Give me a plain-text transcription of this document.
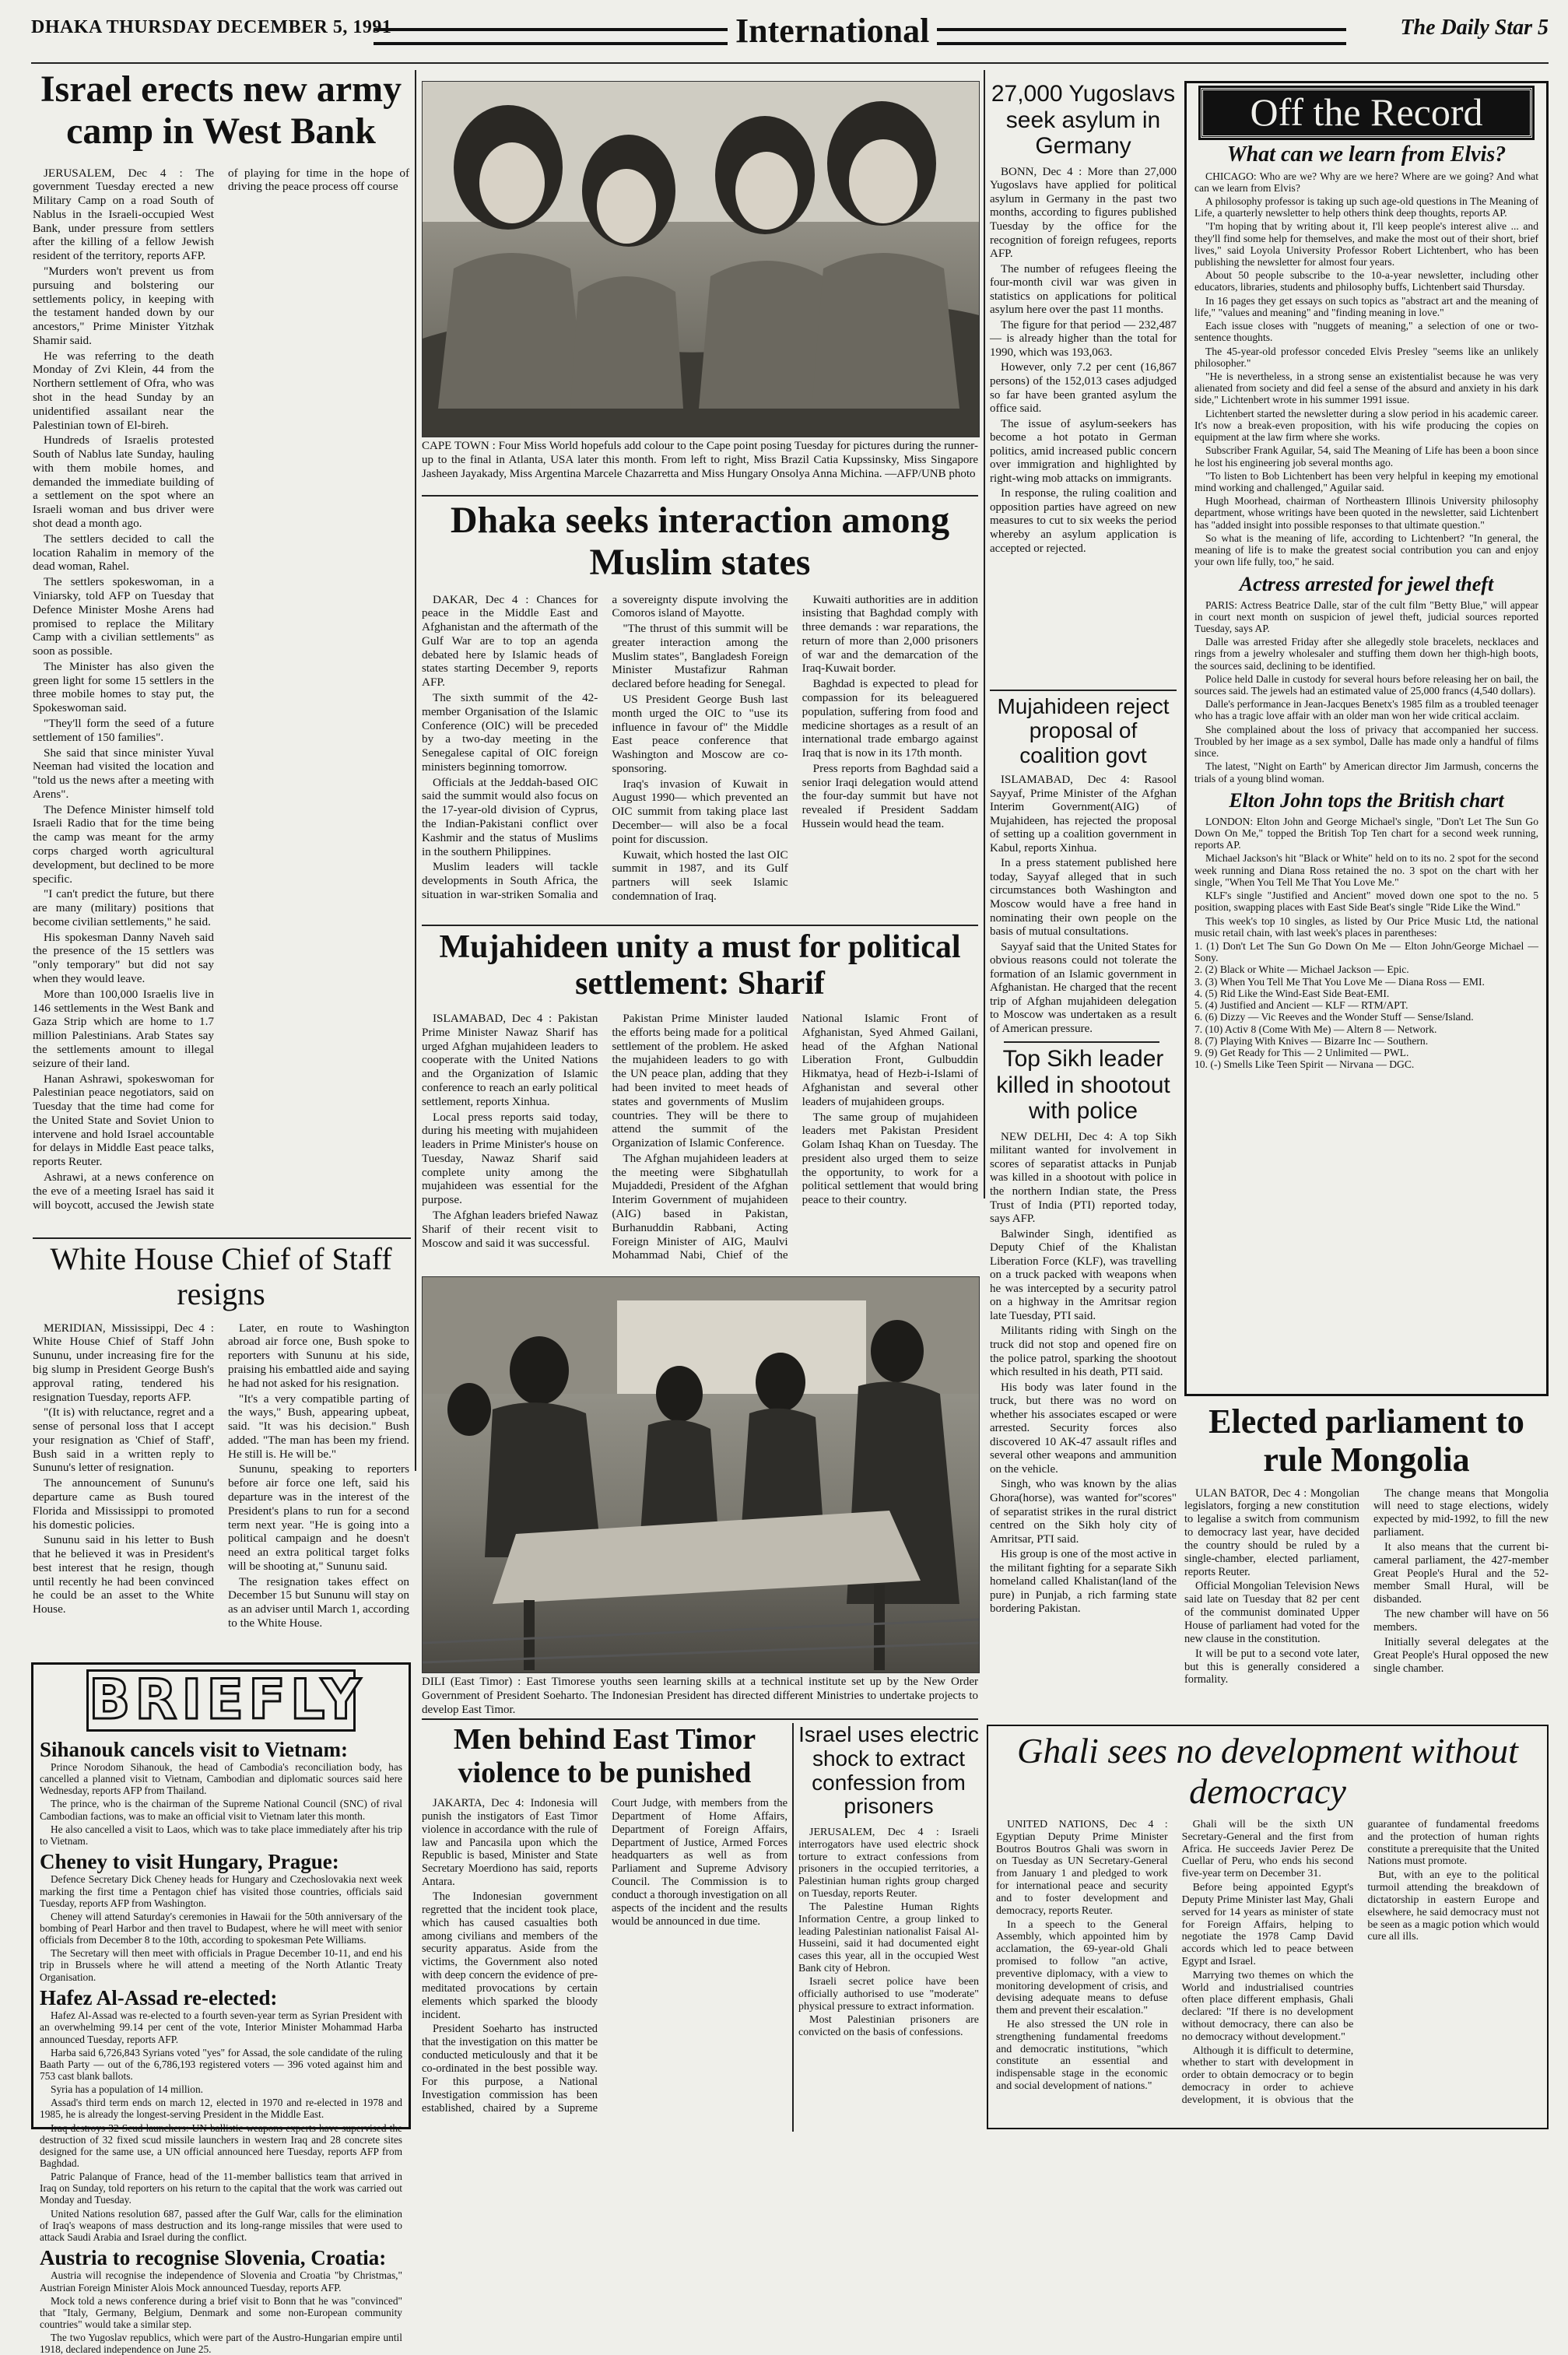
DHAKA THURSDAY DECEMBER 5, 1991	International	The Daily Star 5
Israel erects new army camp in West Bank

JERUSALEM, Dec 4 : The government Tuesday erected a new Military Camp on a road South of Nablus in the Israeli-occupied West Bank, under pressure from settlers after the killing of a fellow Jewish resident of the territory, reports AFP.

"Murders won't prevent us from pursuing and bolstering our settlements policy, in keeping with the testament handed down by our ancestors," Prime Minister Yitzhak Shamir said.

He was referring to the death Monday of Zvi Klein, 44 from the Northern settlement of Ofra, who was shot in the head Sunday by an unidentified assailant near the Palestinian town of El-bireh.

Hundreds of Israelis protested South of Nablus late Sunday, hauling with them mobile homes, and demanded the immediate building of a settlement on the spot where an Israeli woman and bus driver were shot dead a month ago.

The settlers decided to call the location Rahalim in memory of the dead woman, Rahel.

The settlers spokeswoman, in a Viniarsky, told AFP on Tuesday that Defence Minister Moshe Arens had promised to replace the Military Camp with a civilian settlements" as soon as possible.

The Minister has also given the green light for some 15 settlers in the three mobile homes to stay put, the Spokeswoman said.

"They'll form the seed of a future settlement of 150 families".

She said that since minister Yuval Neeman had visited the location and "told us the news after a meeting with Arens".

The Defence Minister himself told Israeli Radio that for the time being the camp was meant for the army corps charged worth agricultural development, but declined to be more specific.

"I can't predict the future, but there are many (military) positions that become civilian settlements," he said.

His spokesman Danny Naveh said the presence of the 15 settlers was "only temporary" but did not say when they would leave.

More than 100,000 Israelis live in 146 settlements in the West Bank and Gaza Strip which are home to 1.7 million Palestinians. Arab States say the settlements amount to illegal seizure of their land.

Hanan Ashrawi, spokeswoman for Palestinian peace negotiators, said on Tuesday that the time had come for the United State and Soviet Union to intervene and hold Israel accountable for delays in Middle East peace talks, reports Reuter.

Ashrawi, at a news conference on the eve of a meeting Israel has said it will boycott, accused the Jewish state of playing for time in the hope of driving the peace process off course

White House Chief of Staff resigns

MERIDIAN, Mississippi, Dec 4 : White House Chief of Staff John Sununu, under increasing fire for the big slump in President George Bush's approval rating, tendered his resignation Tuesday, reports AFP.

"(It is) with reluctance, regret and a sense of personal loss that I accept your resignation as 'Chief of Staff', Bush said in a written reply to Sununu's letter of resignation.

The announcement of Sununu's departure came as Bush toured Florida and Mississippi to promoted his domestic policies.

Sununu said in his letter to Bush that he believed it was in President's best interest that he resign, though until recently he had been convinced he could be an asset to the White House.

Later, en route to Washington abroad air force one, Bush spoke to reporters with Sununu at his side, praising his embattled aide and saying he had not asked for his resignation.

"It's a very compatible parting of the ways," Bush, appearing upbeat, said. "It was his decision." Bush added. "The man has been my friend. He still is. He will be."

Sununu, speaking to reporters before air force one left, said his departure was in the interest of the President's plans to run for a second term next year. "He is going into a political campaign and he doesn't need an extra political target folks will be shooting at," Sununu said.

The resignation takes effect on December 15 but Sununu will stay on as an adviser until March 1, according to the White House.

BRIEFLY
Sihanouk cancels visit to Vietnam:

Prince Norodom Sihanouk, the head of Cambodia's reconciliation body, has cancelled a planned visit to Vietnam, Cambodian and diplomatic sources said here Wednesday, reports AFP from Thailand.

The prince, who is the chairman of the Supreme National Council (SNC) of rival Cambodian factions, was to make an official visit to Vietnam later this month.

He also cancelled a visit to Laos, which was to take place immediately after his trip to Vietnam.

Cheney to visit Hungary, Prague:

Defence Secretary Dick Cheney heads for Hungary and Czechoslovakia next week marking the first time a Pentagon chief has visited those countries, officials said Tuesday, reports AFP from Washington.

Cheney will attend Saturday's ceremonies in Hawaii for the 50th anniversary of the bombing of Pearl Harbor and then travel to Budapest, where he will meet with senior officials from December 8 to the 10th, according to spokesman Pete Williams.

The Secretary will then meet with officials in Prague December 10-11, and end his trip in Brussels where he will attend a meeting of the North Atlantic Treaty Organisation.

Hafez Al-Assad re-elected:

Hafez Al-Assad was re-elected to a fourth seven-year term as Syrian President with an overwhelming 99.14 per cent of the vote, Interior Minister Mohammad Harba announced Tuesday, reports AFP.

Harba said 6,726,843 Syrians voted "yes" for Assad, the sole candidate of the ruling Baath Party — out of the 6,786,193 registered voters — 396 voted against him and 753 cast blank ballots.

Syria has a population of 14 million.

Assad's third term ends on march 12, elected in 1970 and re-elected in 1978 and 1985, he is already the longest-serving President in the Middle East.

Iraq destroys 32 Scud launchers: UN ballistic weapons experts have supervised the destruction of 32 fixed scud missile launchers in western Iraq and 28 concrete sites designed for the same use, a UN official announced here Tuesday, reports AFP from Baghdad.

Patric Palanque of France, head of the 11-member ballistics team that arrived in Iraq on Sunday, told reporters on his return to the capital that the work was carried out Monday and Tuesday.

United Nations resolution 687, passed after the Gulf War, calls for the elimination of Iraq's weapons of mass destruction and its long-range missiles that were used to attack Saudi Arabia and Israel during the conflict.

Austria to recognise Slovenia, Croatia:

Austria will recognise the independence of Slovenia and Croatia "by Christmas," Austrian Foreign Minister Alois Mock announced Tuesday, reports AFP.

Mock told a news conference during a brief visit to Bonn that he was "convinced" that "Italy, Germany, Belgium, Denmark and some non-European community countries" would take a similar step.

The two Yugoslav republics, which were part of the Austro-Hungarian empire until 1918, declared independence on June 25.

CAPE TOWN : Four Miss World hopefuls add colour to the Cape point posing Tuesday for pictures during the runner-up to the final in Atlanta, USA later this month. From left to right, Miss Brazil Catia Kupssinsky, Miss Singapore Jasheen Jayakady, Miss Argentina Marcele Chazarretta and Miss Hungary Onsolya Anna Michina. —AFP/UNB photo
Dhaka seeks interaction among Muslim states

DAKAR, Dec 4 : Chances for peace in the Middle East and Afghanistan and the aftermath of the Gulf War are to top an agenda debated here by Islamic heads of states starting December 9, reports AFP.

The sixth summit of the 42-member Organisation of the Islamic Conference (OIC) will be preceded by a two-day meeting in the Senegalese capital of OIC foreign ministers beginning tomorrow.

Officials at the Jeddah-based OIC said the summit would also focus on the 17-year-old division of Cyprus, the Indian-Pakistani conflict over Kashmir and the status of Muslims in the southern Philippines.

Muslim leaders will tackle developments in South Africa, the situation in war-striken Somalia and a sovereignty dispute involving the Comoros island of Mayotte.

"The thrust of this summit will be greater interaction among the Muslim states", Bangladesh Foreign Minister Mustafizur Rahman declared before heading for Senegal.

US President George Bush last month urged the OIC to "use its influence in favour of" the Middle East peace conference that Washington and Moscow are co-sponsoring.

Iraq's invasion of Kuwait in August 1990— which prevented an OIC summit from taking place last December— will also be a focal point for discussion.

Kuwait, which hosted the last OIC summit in 1987, and its Gulf partners will seek Islamic condemnation of Iraq.

Kuwaiti authorities are in addition insisting that Baghdad comply with three demands : war reparations, the return of more than 2,000 prisoners of war and the demarcation of the Iraq-Kuwait border.

Baghdad is expected to plead for compassion for its beleaguered population, suffering from food and medicine shortages as a result of an international trade embargo against Iraq that is now in its 17th month.

Press reports from Baghdad said a senior Iraqi delegation would attend the four-day summit but have not revealed if President Saddam Hussein would head the team.

Mujahideen unity a must for political settlement: Sharif

ISLAMABAD, Dec 4 : Pakistan Prime Minister Nawaz Sharif has urged Afghan mujahideen leaders to cooperate with the United Nations and the Organization of Islamic conference to reach an early political settlement, reports Xinhua.

Local press reports said today, during his meeting with mujahideen leaders in Prime Minister's house on Tuesday, Nawaz Sharif said complete unity among the mujahideen was essential for the purpose.

The Afghan leaders briefed Nawaz Sharif of their recent visit to Moscow and said it was successful.

Pakistan Prime Minister lauded the efforts being made for a political settlement of the problem. He asked the mujahideen leaders to go with the UN peace plan, adding that they had been invited to meet heads of states and governments of Muslim countries. They will be there to attend the summit of the Organization of Islamic Conference.

The Afghan mujahideen leaders at the meeting were Sibghatullah Mujaddedi, President of the Afghan Interim Government of mujahideen (AIG) based in Pakistan, Burhanuddin Rabbani, Acting Foreign Minister of AIG, Maulvi Mohammad Nabi, Chief of the National Islamic Front of Afghanistan, Syed Ahmed Gailani, head of the Afghan National Liberation Front, Gulbuddin Hikmatya, head of Hezb-i-Islami of Afghanistan and several other leaders of mujahideen groups.

The same group of mujahideen leaders met Pakistan President Golam Ishaq Khan on Tuesday. The president also urged them to seize the opportunity, to work for a political settlement that would bring peace to their country.

DILI (East Timor) : East Timorese youths seen learning skills at a technical institute set up by the New Order Government of President Soeharto. The Indonesian President has directed different Ministries to undertake projects to develop East Timor.
Men behind East Timor violence to be punished

JAKARTA, Dec 4: Indonesia will punish the instigators of East Timor violence in accordance with the rule of law and Pancasila upon which the Republic is based, Minister and State Secretary Moerdiono has said, reports Antara.

The Indonesian government regretted that the incident took place, which has caused casualties both among civilians and members of the security apparatus. Aside from the victims, the Government also noted with deep concern the evidence of pre-meditated provocations by certain elements which sparked the bloody incident.

President Soeharto has instructed that the investigation on this matter be conducted meticulously and that it be co-ordinated in the best possible way. For this purpose, a National Investigation commission has been established, chaired by a Supreme Court Judge, with members from the Department of Home Affairs, Department of Foreign Affairs, Department of Justice, Armed Forces headquarters as well as from Parliament and Supreme Advisory Council. The Commission is to conduct a thorough investigation on all aspects of the incident and the results would be announced in due time.

Israel uses electric shock to extract confession from prisoners

JERUSALEM, Dec 4 : Israeli interrogators have used electric shock torture to extract confessions from prisoners in the occupied territories, a Palestinian human rights group charged on Tuesday, reports Reuter.

The Palestine Human Rights Information Centre, a group linked to leading Palestinian nationalist Faisal Al-Husseini, said it had documented eight cases this year, all in the occupied West Bank city of Hebron.

Israeli secret police have been officially authorised to use "moderate" physical pressure to extract information.

Most Palestinian prisoners are convicted on the basis of confessions.

27,000 Yugoslavs seek asylum in Germany

BONN, Dec 4 : More than 27,000 Yugoslavs have applied for political asylum in Germany in the past two months, according to figures published Tuesday by the office for the recognition of foreign refugees, reports AFP.

The number of refugees fleeing the four-month civil war was given in statistics on applications for political asylum here over the past 11 months.

The figure for that period — 232,487 — is already higher than the total for 1990, which was 193,063.

However, only 7.2 per cent (16,867 persons) of the 152,013 cases adjudged so far have been granted asylum the office said.

The issue of asylum-seekers has become a hot potato in German politics, amid increased public concern over immigration and highlighted by right-wing mob attacks on immigrants.

In response, the ruling coalition and opposition parties have agreed on new measures to cut to six weeks the period whereby an asylum application is accepted or rejected.

Mujahideen reject proposal of coalition govt

ISLAMABAD, Dec 4: Rasool Sayyaf, Prime Minister of the Afghan Interim Government(AIG) of Mujahideen, has rejected the proposal of setting up a coalition government in Kabul, reports Xinhua.

In a press statement published here today, Sayyaf alleged that in such circumstances both Washington and Moscow would have a free hand in nominating their own people on the basis of mutual consultations.

Sayyaf said that the United States for obvious reasons could not tolerate the formation of an Islamic government in Afghanistan. He charged that the recent trip of Afghan mujahideen delegation to Moscow was undertaken as a result of American pressure.

Top Sikh leader killed in shootout with police

NEW DELHI, Dec 4: A top Sikh militant wanted for involvement in scores of separatist attacks in Punjab was killed in a shootout with police in the northern Indian state, the Press Trust of India (PTI) reported today, says AFP.

Balwinder Singh, identified as Deputy Chief of the Khalistan Liberation Force (KLF), was travelling on a truck packed with weapons when he was intercepted by a security patrol on a highway in the Amritsar region late Tuesday, PTI said.

Militants riding with Singh on the truck did not stop and opened fire on the police patrol, sparking the shootout which resulted in his death, PTI said.

His body was later found in the truck, but there was no word on whether his associates escaped or were arrested. Security forces also discovered 10 AK-47 assault rifles and several other weapons and ammunition on the vehicle.

Singh, who was known by the alias Ghora(horse), was wanted for"scores" of separatist strikes in the rural district centred on the Sikh holy city of Amritsar, PTI said.

His group is one of the most active in the militant fighting for a separate Sikh homeland called Khalistan(land of the pure) in Punjab, a rich farming state bordering Pakistan.

Off the Record
What can we learn from Elvis?

CHICAGO: Who are we? Why are we here? Where are we going? And what can we learn from Elvis?

A philosophy professor is taking up such age-old questions in The Meaning of Life, a quarterly newsletter to help others think deep thoughts, reports AP.

"I'm hoping that by writing about it, I'll keep people's interest alive ... and they'll find some help for themselves, and make the most out of their short, brief lives," said Loyola University Professor Robert Lichtenbert, who has been publishing the newsletter for almost four years.

About 50 people subscribe to the 10-a-year newsletter, including other educators, libraries, students and philosophy buffs, Lichtenbert said Thursday.

In 16 pages they get essays on such topics as "abstract art and the meaning of life," "values and meaning" and "finding meaning in love."

Each issue closes with "nuggets of meaning," a selection of one or two-sentence thoughts.

The 45-year-old professor conceded Elvis Presley "seems like an unlikely philosopher."

"He is nevertheless, in a strong sense an existentialist because he was very alienated from society and did feel a sense of the absurd and anxiety in his dark side," Lichtenbert wrote in his summer 1991 issue.

Lichtenbert started the newsletter during a slow period in his academic career. It's now a break-even proposition, with his wife producing the copies on equipment at the law firm where she works.

Subscriber Frank Aguilar, 54, said The Meaning of Life has been a boon since he lost his engineering job several months ago.

"To listen to Bob Lichtenbert has been very helpful in keeping my emotional mind working and challenged," Aguilar said.

Hugh Moorhead, chairman of Northeastern Illinois University philosophy department, whose writings have been quoted in the newsletter, said Lichtenbert has "added insight into possible responses to that ultimate question."

So what is the meaning of life, according to Lichtenbert? "In general, the meaning of life is to make the greatest social contribution you can and enjoy your own life fully, too," he said.

Actress arrested for jewel theft

PARIS: Actress Beatrice Dalle, star of the cult film "Betty Blue," will appear in court next month on suspicion of jewel theft, judicial sources reported Tuesday, says AP.

Dalle was arrested Friday after she allegedly stole bracelets, necklaces and rings from a jewelry wholesaler and stuffing them down her thigh-high boots, the sources said, declining to be identified.

Police held Dalle in custody for several hours before releasing her on bail, the sources said. The jewels had an estimated value of 25,000 francs (4,540 dollars).

Dalle's performance in Jean-Jacques Benetx's 1985 film as a troubled teenager who has a tragic love affair with an older man won her wide critical acclaim.

She complained about the loss of privacy that accompanied her success. Troubled by her image as a sex symbol, Dalle has made only a handful of films since.

The latest, "Night on Earth" by American director Jim Jarmush, concerns the trials of a young blind woman.

Elton John tops the British chart

LONDON: Elton John and George Michael's single, "Don't Let The Sun Go Down On Me," topped the British Top Ten chart for a second week running, reports AP.

Michael Jackson's hit "Black or White" held on to its no. 2 spot for the second week running and Diana Ross retained the no. 3 spot on the chart with her single, "When You Tell Me That You Love Me."

KLF's single "Justified and Ancient" moved down one spot to the no. 5 position, swapping places with East Side Beat's single "Ride Like the Wind."

This week's top 10 singles, as listed by Our Price Music Ltd, the national music retail chain, with last week's places in parentheses:

1. (1) Don't Let The Sun Go Down On Me — Elton John/George Michael — Sony.

2. (2) Black or White — Michael Jackson — Epic.

3. (3) When You Tell Me That You Love Me — Diana Ross — EMI.

4. (5) Rid Like the Wind-East Side Beat-EMI.

5. (4) Justified and Ancient — KLF — RTM/APT.

6. (6) Dizzy — Vic Reeves and the Wonder Stuff — Sense/Island.

7. (10) Activ 8 (Come With Me) — Altern 8 — Network.

8. (7) Playing With Knives — Bizarre Inc — Southern.

9. (9) Get Ready for This — 2 Unlimited — PWL.

10. (-) Smells Like Teen Spirit — Nirvana — DGC.

Elected parliament to rule Mongolia

ULAN BATOR, Dec 4 : Mongolian legislators, forging a new constitution to legalise a switch from communism to democracy last year, have decided the country should be ruled by a single-chamber, elected parliament, reports Reuter.

Official Mongolian Television News said late on Tuesday that 82 per cent of the communist dominated Upper House of parliament had voted for the new clause in the constitution.

It will be put to a second vote later, but this is generally considered a formality.

The change means that Mongolia will need to stage elections, widely expected by mid-1992, to fill the new parliament.

It also means that the current bi-cameral parliament, the 427-member Great People's Hural and the 52-member Small Hural, will be disbanded.

The new chamber will have on 56 members.

Initially several delegates at the Great People's Hural opposed the new single chamber.

Ghali sees no development without democracy

UNITED NATIONS, Dec 4 : Egyptian Deputy Prime Minister Boutros Boutros Ghali was sworn in on Tuesday as UN Secretary-General from January 1 and pledged to work for international peace and security and to foster development and democracy, reports Reuter.

In a speech to the General Assembly, which appointed him by acclamation, the 69-year-old Ghali promised to follow "an active, preventive diplomacy, with a view to monitoring development of crisis, and devising adequate means to defuse them and prevent their escalation."

He also stressed the UN role in strengthening fundamental freedoms and democratic institutions, "which constitute an essential and indispensable stage in the economic and social development of nations."

Ghali will be the sixth UN Secretary-General and the first from Africa. He succeeds Javier Perez De Cuellar of Peru, who ends his second five-year term on December 31.

Before being appointed Egypt's Deputy Prime Minister last May, Ghali served for 14 years as minister of state for Foreign Affairs, helping to negotiate the 1978 Camp David accords which led to peace between Egypt and Israel.

Marrying two themes on which the World and industrialised countries often place different emphasis, Ghali declared: "If there is no development without democracy, there can also be no democracy without development."

Although it is difficult to determine, whether to start with development in order to obtain democracy or to begin democracy in order to achieve development, it is obvious that the guarantee of fundamental freedoms and the protection of human rights constitute a prerequisite that the United Nations must promote.

But, with an eye to the political turmoil attending the breakdown of dictatorship in eastern Europe and elsewhere, he said democracy must not be seen as a magic potion which would cure all ills.
